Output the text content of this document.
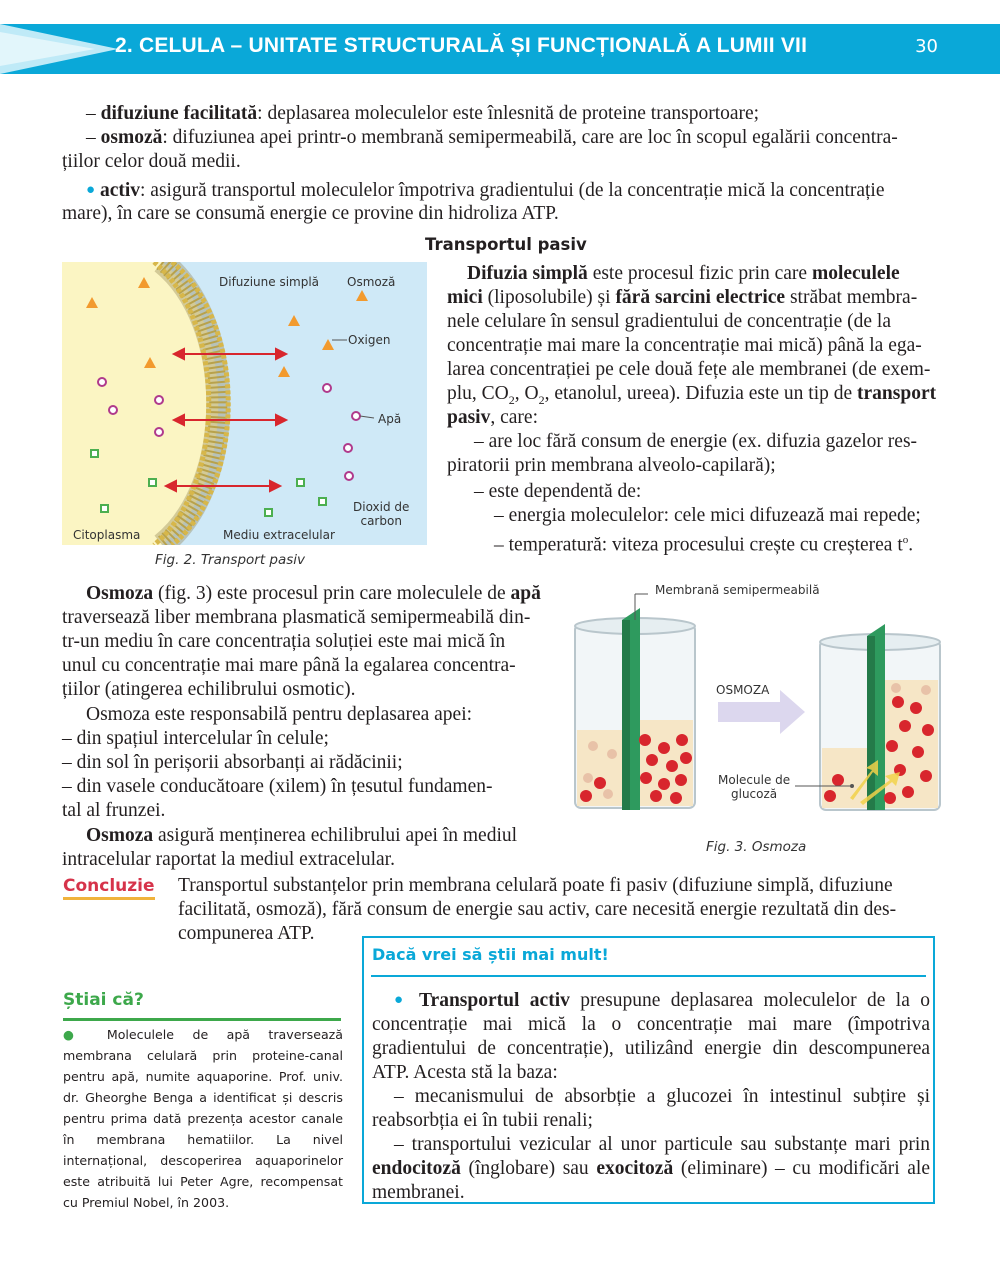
2. CELULA – UNITATE STRUCTURALĂ ȘI FUNCȚIONALĂ A LUMII VII	30
– difuziune facilitată: deplasarea moleculelor este înlesnită de proteine transportoare;
– osmoză: difuziunea apei printr-o membrană semipermeabilă, care are loc în scopul egalării concentra-
țiilor celor două medii.
● activ: asigură transportul moleculelor împotriva gradientului (de la concentrație mică la concentrație
mare), în care se consumă energie ce provine din hidroliza ATP.
Transportul pasiv
Difuziune simplă Osmoză
Oxigen
Apă
Dioxid de
carbon
Citoplasma	Mediu extracelular
Fig. 2. Transport pasiv
Difuzia simplă este procesul fizic prin care moleculele
mici (liposolubile) și fără sarcini electrice străbat membra-
nele celulare în sensul gradientului de concentrație (de la
concentrație mai mare la concentrație mai mică) până la ega-
larea concentrației pe cele două fețe ale membranei (de exem-
plu, $CO_2$, $O_2$, etanolul, ureea). Difuzia este un tip de transport
pasiv, care:
– are loc fără consum de energie (ex. difuzia gazelor res-
piratorii prin membrana alveolo-capilară);
– este dependentă de:
– energia moleculelor: cele mici difuzează mai repede;
– temperatură: viteza procesului crește cu creșterea $t^o$.
Osmoza (fig. 3) este procesul prin care moleculele de apă
traversează liber membrana plasmatică semipermeabilă din-
tr-un mediu în care concentrația soluției este mai mică în
unul cu concentrație mai mare până la egalarea concentra-
țiilor (atingerea echilibrului osmotic).
Osmoza este responsabilă pentru deplasarea apei:
– din spațiul intercelular în celule;
– din sol în perișorii absorbanți ai rădăcinii;
– din vasele conducătoare (xilem) în țesutul fundamen-
tal al frunzei.
Osmoza asigură menținerea echilibrului apei în mediul
intracelular raportat la mediul extracelular.
Membrană semipermeabilă
OSMOZA
Molecule de
glucoză
Fig. 3. Osmoza
Concluzie Transportul substanțelor prin membrana celulară poate fi pasiv (difuziune simplă, difuziune
facilitată, osmoză), fără consum de energie sau activ, care necesită energie rezultată din des-
compunerea ATP.
Știai că?
● Moleculele de apă traversează membrana celulară prin proteine-canal pentru apă, numite aquaporine. Prof. univ. dr. Gheorghe Benga a identificat și descris pentru prima dată prezența acestor canale în membrana hematiilor. La nivel internațional, descoperirea aquaporinelor este atribuită lui Peter Agre, recompensat cu Premiul Nobel, în 2003.
Dacă vrei să știi mai mult!
● Transportul activ presupune deplasarea moleculelor de la o concentrație mai mică la o concentrație mai mare (împotriva gradientului de concentrație), utilizând energie din descompunerea ATP. Acesta stă la baza:
– mecanismului de absorbție a glucozei în intestinul subțire și reabsorbția ei în tubii renali;
– transportului vezicular al unor particule sau substanțe mari prin endocitoză (înglobare) sau exocitoză (eliminare) – cu modificări ale membranei.
